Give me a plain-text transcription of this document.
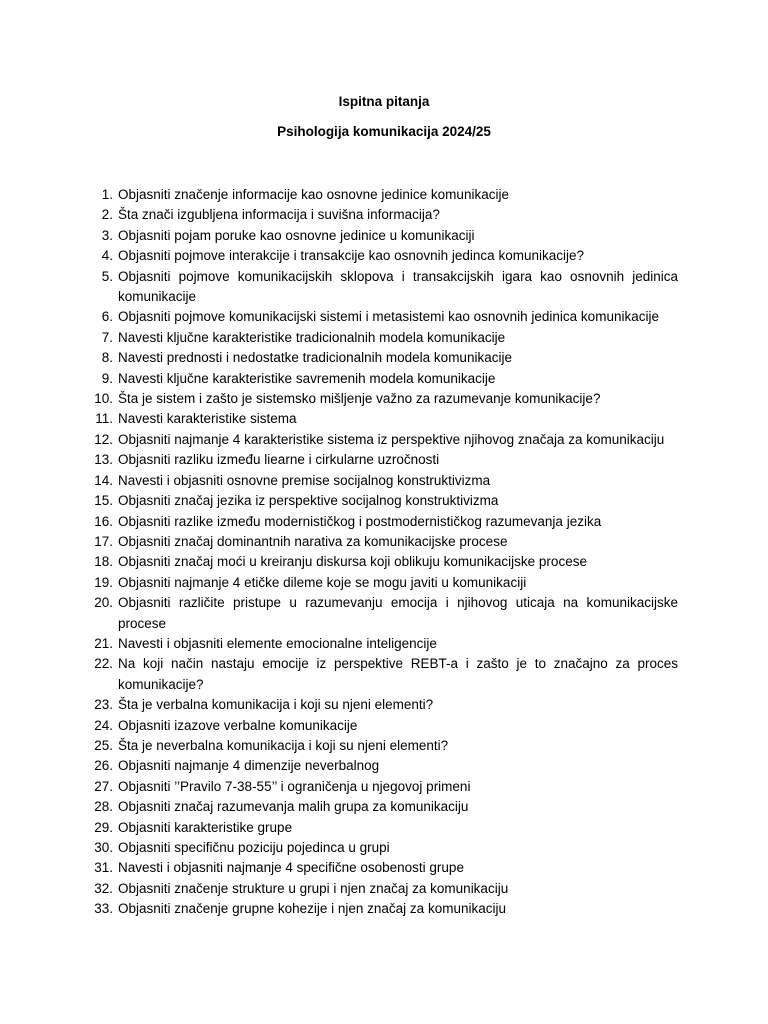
Ispitna pitanja

Psihologija komunikacija 2024/25

1. Objasniti značenje informacije kao osnovne jedinice komunikacije
2. Šta znači izgubljena informacija i suvišna informacija?
3. Objasniti pojam poruke kao osnovne jedinice u komunikaciji
4. Objasniti pojmove interakcije i transakcije kao osnovnih jedinca komunikacije?
5. Objasniti pojmove komunikacijskih sklopova i transakcijskih igara kao osnovnih jedinica komunikacije
6. Objasniti pojmove komunikacijski sistemi i metasistemi kao osnovnih jedinica komunikacije
7. Navesti ključne karakteristike tradicionalnih modela komunikacije
8. Navesti prednosti i nedostatke tradicionalnih modela komunikacije
9. Navesti ključne karakteristike savremenih modela komunikacije
10. Šta je sistem i zašto je sistemsko mišljenje važno za razumevanje komunikacije?
11. Navesti karakteristike sistema
12. Objasniti najmanje 4 karakteristike sistema iz perspektive njihovog značaja za komunikaciju
13. Objasniti razliku između liearne i cirkularne uzročnosti
14. Navesti i objasniti osnovne premise socijalnog konstruktivizma
15. Objasniti značaj jezika iz perspektive socijalnog konstruktivizma
16. Objasniti razlike između modernističkog i postmodernističkog razumevanja jezika
17. Objasniti značaj dominantnih narativa za komunikacijske procese
18. Objasniti značaj moći u kreiranju diskursa koji oblikuju komunikacijske procese
19. Objasniti najmanje 4 etičke dileme koje se mogu javiti u komunikaciji
20. Objasniti različite pristupe u razumevanju emocija i njihovog uticaja na komunikacijske procese
21. Navesti i objasniti elemente emocionalne inteligencije
22. Na koji način nastaju emocije iz perspektive REBT-a i zašto je to značajno za proces komunikacije?
23. Šta je verbalna komunikacija i koji su njeni elementi?
24. Objasniti izazove verbalne komunikacije
25. Šta je neverbalna komunikacija i koji su njeni elementi?
26. Objasniti najmanje 4 dimenzije neverbalnog
27. Objasniti ’’Pravilo 7-38-55’’ i ograničenja u njegovoj primeni
28. Objasniti značaj razumevanja malih grupa za komunikaciju
29. Objasniti karakteristike grupe
30. Objasniti specifičnu poziciju pojedinca u grupi
31. Navesti i objasniti najmanje 4 specifične osobenosti grupe
32. Objasniti značenje strukture u grupi i njen značaj za komunikaciju
33. Objasniti značenje grupne kohezije i njen značaj za komunikaciju
